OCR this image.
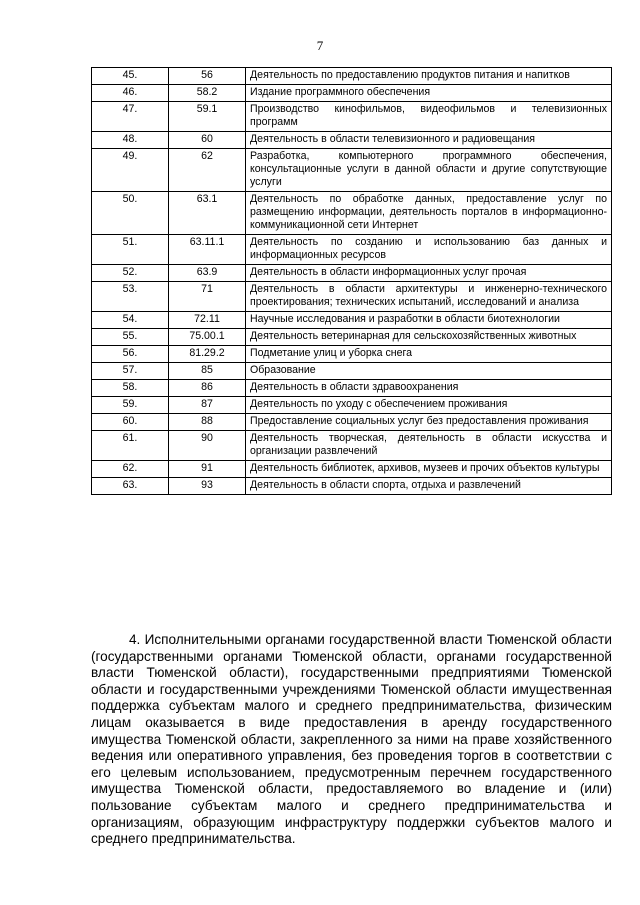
7
45.	56	Деятельность по предоставлению продуктов питания и напитков
46.	58.2	Издание программного обеспечения
47.	59.1	Производство кинофильмов, видеофильмов и телевизионных программ
48.	60	Деятельность в области телевизионного и радиовещания
49.	62	Разработка, компьютерного программного обеспечения, консультационные услуги в данной области и другие сопутствующие услуги
50.	63.1	Деятельность по обработке данных, предоставление услуг по размещению информации, деятельность порталов в информационно-коммуникационной сети Интернет
51.	63.11.1	Деятельность по созданию и использованию баз данных и информационных ресурсов
52.	63.9	Деятельность в области информационных услуг прочая
53.	71	Деятельность в области архитектуры и инженерно-технического проектирования; технических испытаний, исследований и анализа
54.	72.11	Научные исследования и разработки в области биотехнологии
55.	75.00.1	Деятельность ветеринарная для сельскохозяйственных животных
56.	81.29.2	Подметание улиц и уборка снега
57.	85	Образование
58.	86	Деятельность в области здравоохранения
59.	87	Деятельность по уходу с обеспечением проживания
60.	88	Предоставление социальных услуг без предоставления проживания
61.	90	Деятельность творческая, деятельность в области искусства и организации развлечений
62.	91	Деятельность библиотек, архивов, музеев и прочих объектов культуры
63.	93	Деятельность в области спорта, отдыха и развлечений

4. Исполнительными органами государственной власти Тюменской области (государственными органами Тюменской области, органами государственной власти Тюменской области), государственными предприятиями Тюменской области и государственными учреждениями Тюменской области имущественная поддержка субъектам малого и среднего предпринимательства, физическим лицам оказывается в виде предоставления в аренду государственного имущества Тюменской области, закрепленного за ними на праве хозяйственного ведения или оперативного управления, без проведения торгов в соответствии с его целевым использованием, предусмотренным перечнем государственного имущества Тюменской области, предоставляемого во владение и (или) пользование субъектам малого и среднего предпринимательства и организациям, образующим инфраструктуру поддержки субъектов малого и среднего предпринимательства.
